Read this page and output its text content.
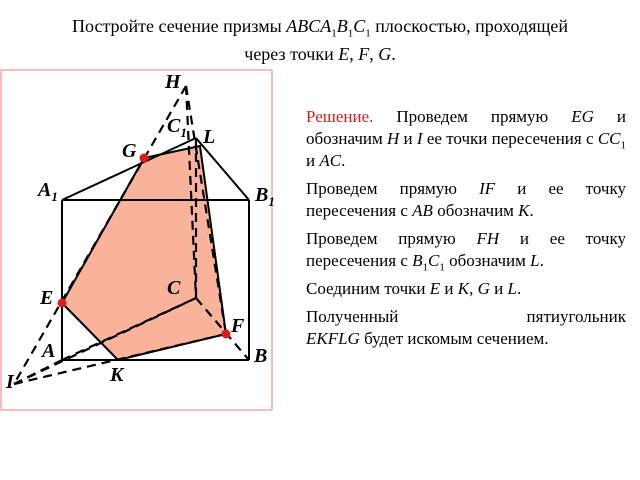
Постройте сечение призмы $ABCA_1B_1C_1$ плоскостью, проходящей
через точки E, F, G.
H
$C_1$ L
G
$A_1$	$B_1$
C
E
F
A	B
K
I

Решение. Проведем прямую EG и обозначим H и I ее точки пересечения с $CC_1$ и AC.

Проведем прямую IF и ее точку пересечения с AB обозначим K.

Проведем прямую FH и ее точку пересечения с $B_1C_1$ обозначим L.

Соединим точки E и K, G и L.

Полученный пятиугольник

EKFLG будет искомым сечением.
